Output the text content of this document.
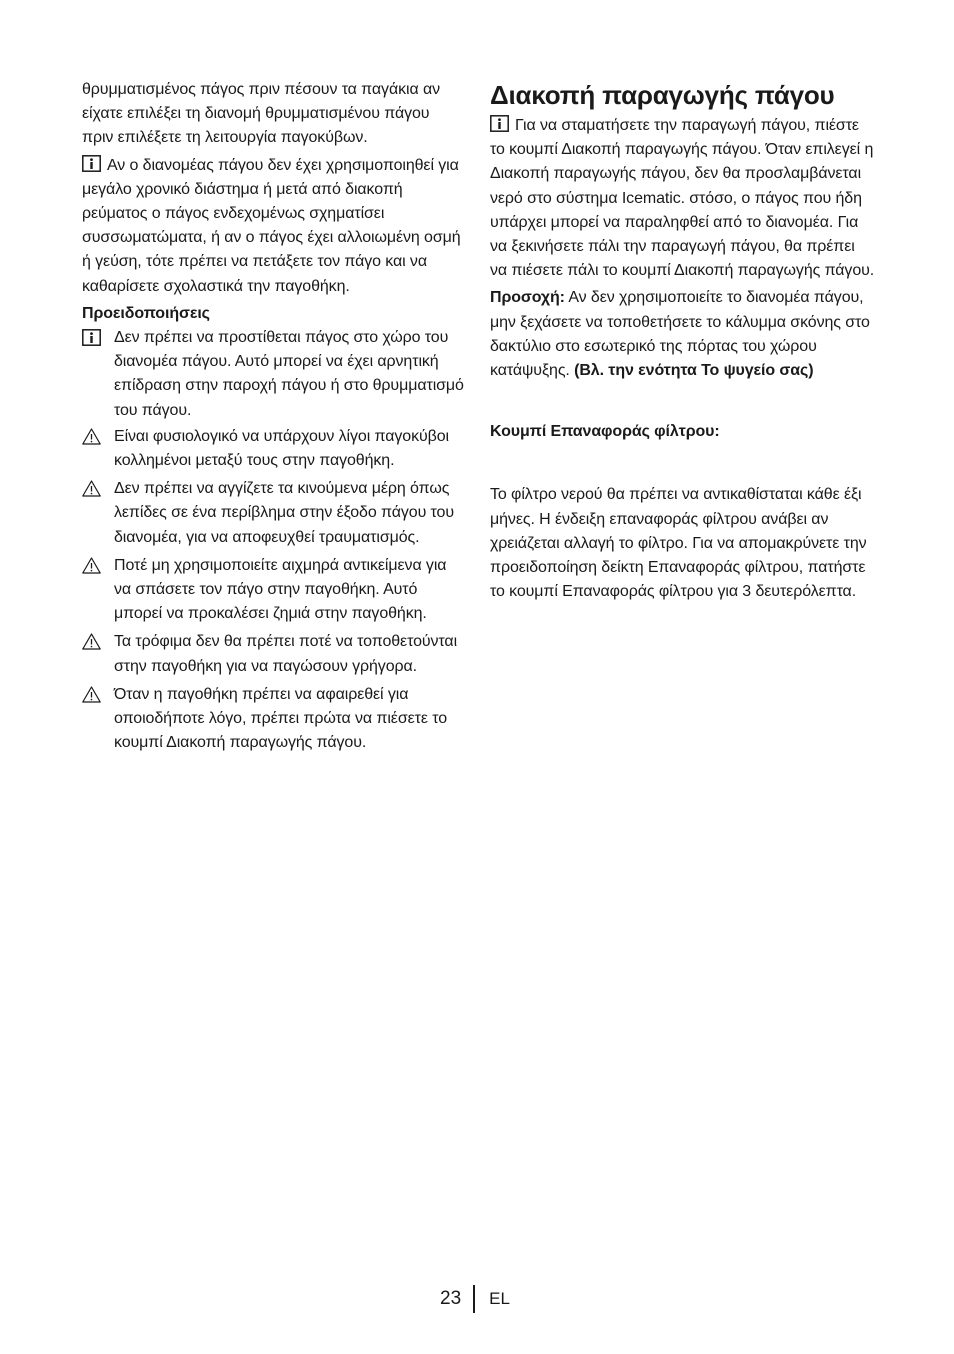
θρυμματισμένος πάγος πριν πέσουν τα παγάκια αν είχατε επιλέξει τη διανομή θρυμματισμένου πάγου πριν επιλέξετε τη λειτουργία παγοκύβων.

Αν ο διανομέας πάγου δεν έχει χρησιμοποιηθεί για μεγάλο χρονικό διάστημα ή μετά από διακοπή ρεύματος ο πάγος ενδεχομένως σχηματίσει συσσωματώματα, ή αν ο πάγος έχει αλλοιωμένη οσμή ή γεύση, τότε πρέπει να πετάξετε τον πάγο και να καθαρίσετε σχολαστικά την παγοθήκη.

Προειδοποιήσεις
Δεν πρέπει να προστίθεται πάγος στο χώρο του διανομέα πάγου. Αυτό μπορεί να έχει αρνητική επίδραση στην παροχή πάγου ή στο θρυμματισμό του πάγου.
Είναι φυσιολογικό να υπάρχουν λίγοι παγοκύβοι κολλημένοι μεταξύ τους στην παγοθήκη.
Δεν πρέπει να αγγίζετε τα κινούμενα μέρη όπως λεπίδες σε ένα περίβλημα στην έξοδο πάγου του διανομέα, για να αποφευχθεί τραυματισμός.
Ποτέ μη χρησιμοποιείτε αιχμηρά αντικείμενα για να σπάσετε τον πάγο στην παγοθήκη. Αυτό μπορεί να προκαλέσει ζημιά στην παγοθήκη.
Τα τρόφιμα δεν θα πρέπει ποτέ να τοποθετούνται στην παγοθήκη για να παγώσουν γρήγορα.
Όταν η παγοθήκη πρέπει να αφαιρεθεί για οποιοδήποτε λόγο, πρέπει πρώτα να πιέσετε το κουμπί Διακοπή παραγωγής πάγου.
Διακοπή παραγωγής πάγου

Για να σταματήσετε την παραγωγή πάγου, πιέστε το κουμπί Διακοπή παραγωγής πάγου. Όταν επιλεγεί η Διακοπή παραγωγής πάγου, δεν θα προσλαμβάνεται νερό στο σύστημα Icematic. στόσο, ο πάγος που ήδη υπάρχει μπορεί να παραληφθεί από το διανομέα. Για να ξεκινήσετε πάλι την παραγωγή πάγου, θα πρέπει να πιέσετε πάλι το κουμπί Διακοπή παραγωγής πάγου.

Προσοχή: Αν δεν χρησιμοποιείτε το διανομέα πάγου, μην ξεχάσετε να τοποθετήσετε το κάλυμμα σκόνης στο δακτύλιο στο εσωτερικό της πόρτας του χώρου κατάψυξης. (Βλ. την ενότητα Το ψυγείο σας)

Κουμπί Επαναφοράς φίλτρου:

Το φίλτρο νερού θα πρέπει να αντικαθίσταται κάθε έξι μήνες. Η ένδειξη επαναφοράς φίλτρου ανάβει αν χρειάζεται αλλαγή το φίλτρο. Για να απομακρύνετε την προειδοποίηση δείκτη Επαναφοράς φίλτρου, πατήστε το κουμπί Επαναφοράς φίλτρου για 3 δευτερόλεπτα.

23 EL
